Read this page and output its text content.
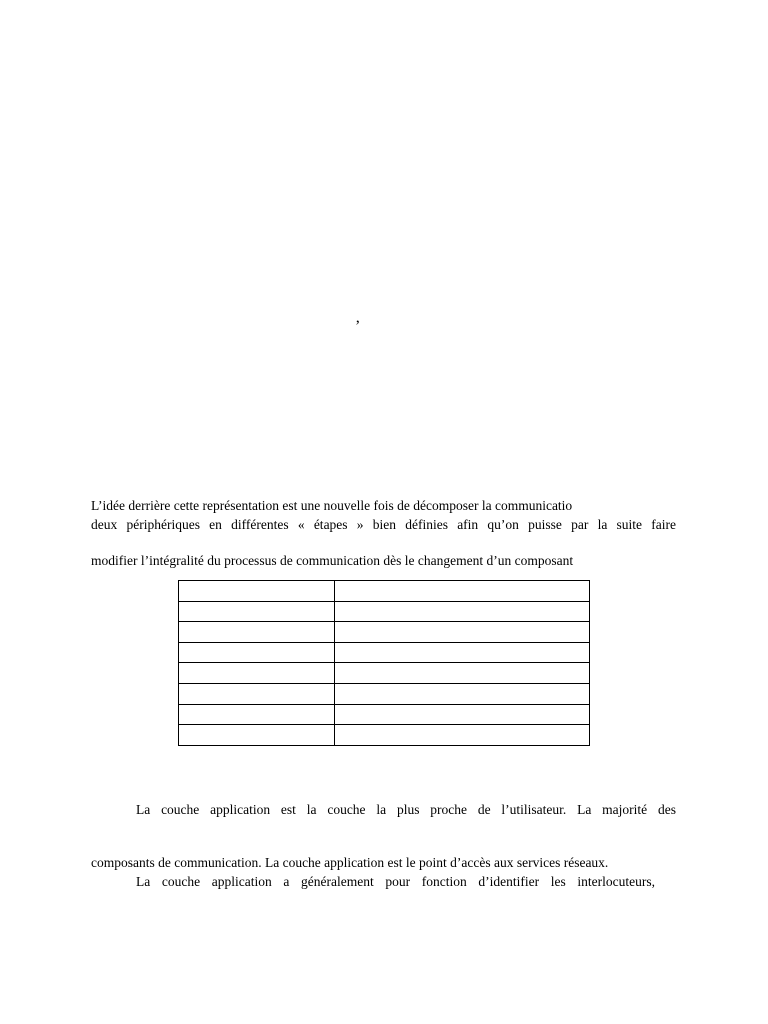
’
L’idée derrière cette représentation est une nouvelle fois de décomposer la communicatio
deux périphériques en différentes « étapes » bien définies afin qu’on puisse par la suite faire
modifier l’intégralité du processus de communication dès le changement d’un composant

La couche application est la couche la plus proche de l’utilisateur. La majorité des
composants de communication. La couche application est le point d’accès aux services réseaux.
La couche application a généralement pour fonction d’identifier les interlocuteurs,
